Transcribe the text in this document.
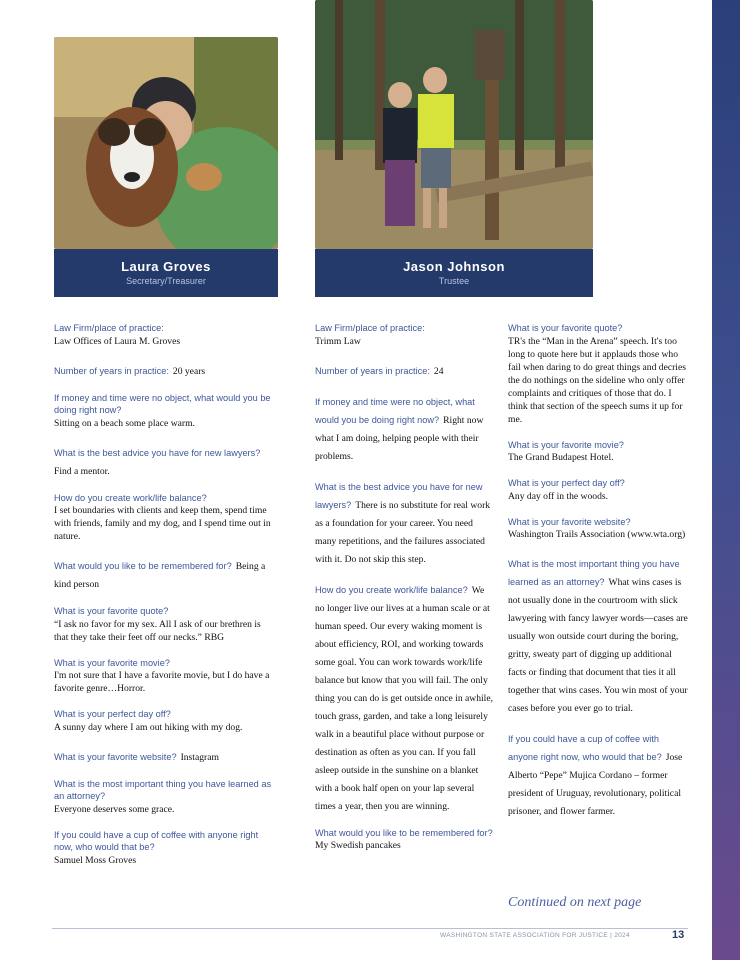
Laura Groves
Secretary/Treasurer
Jason Johnson
Trustee
Law Firm/place of practice:
Law Offices of Laura M. Groves
Number of years in practice: 20 years
If money and time were no object, what would you be doing right now?
Sitting on a beach some place warm.
What is the best advice you have for new lawyers? Find a mentor.
How do you create work/life balance?
I set boundaries with clients and keep them, spend time with friends, family and my dog, and I spend time out in nature.
What would you like to be remembered for? Being a kind person
What is your favorite quote?
“I ask no favor for my sex. All I ask of our brethren is that they take their feet off our necks.” RBG
What is your favorite movie?
I'm not sure that I have a favorite movie, but I do have a favorite genre…Horror.
What is your perfect day off?
A sunny day where I am out hiking with my dog.
What is your favorite website? Instagram
What is the most important thing you have learned as an attorney?
Everyone deserves some grace.
If you could have a cup of coffee with anyone right now, who would that be?
Samuel Moss Groves
Law Firm/place of practice:
Trimm Law
Number of years in practice: 24
If money and time were no object, what would you be doing right now? Right now what I am doing, helping people with their problems.
What is the best advice you have for new lawyers? There is no substitute for real work as a foundation for your career. You need many repetitions, and the failures associated with it. Do not skip this step.
How do you create work/life balance? We no longer live our lives at a human scale or at human speed. Our every waking moment is about efficiency, ROI, and working towards some goal. You can work towards work/life balance but know that you will fail. The only thing you can do is get outside once in awhile, touch grass, garden, and take a long leisurely walk in a beautiful place without purpose or destination as often as you can. If you fall asleep outside in the sunshine on a blanket with a book half open on your lap several times a year, then you are winning.
What would you like to be remembered for?
My Swedish pancakes
What is your favorite quote?
TR's the “Man in the Arena” speech. It's too long to quote here but it applauds those who fail when daring to do great things and decries the do nothings on the sideline who only offer complaints and critiques of those that do. I think that section of the speech sums it up for me.
What is your favorite movie?
The Grand Budapest Hotel.
What is your perfect day off?
Any day off in the woods.
What is your favorite website?
Washington Trails Association (www.wta.org)
What is the most important thing you have learned as an attorney? What wins cases is not usually done in the courtroom with slick lawyering with fancy lawyer words—cases are usually won outside court during the boring, gritty, sweaty part of digging up additional facts or finding that document that ties it all together that wins cases. You win most of your cases before you ever go to trial.
If you could have a cup of coffee with anyone right now, who would that be? Jose Alberto “Pepe” Mujica Cordano – former president of Uruguay, revolutionary, political prisoner, and flower farmer.
Continued on next page
WASHINGTON STATE ASSOCIATION FOR JUSTICE | 2024	13
